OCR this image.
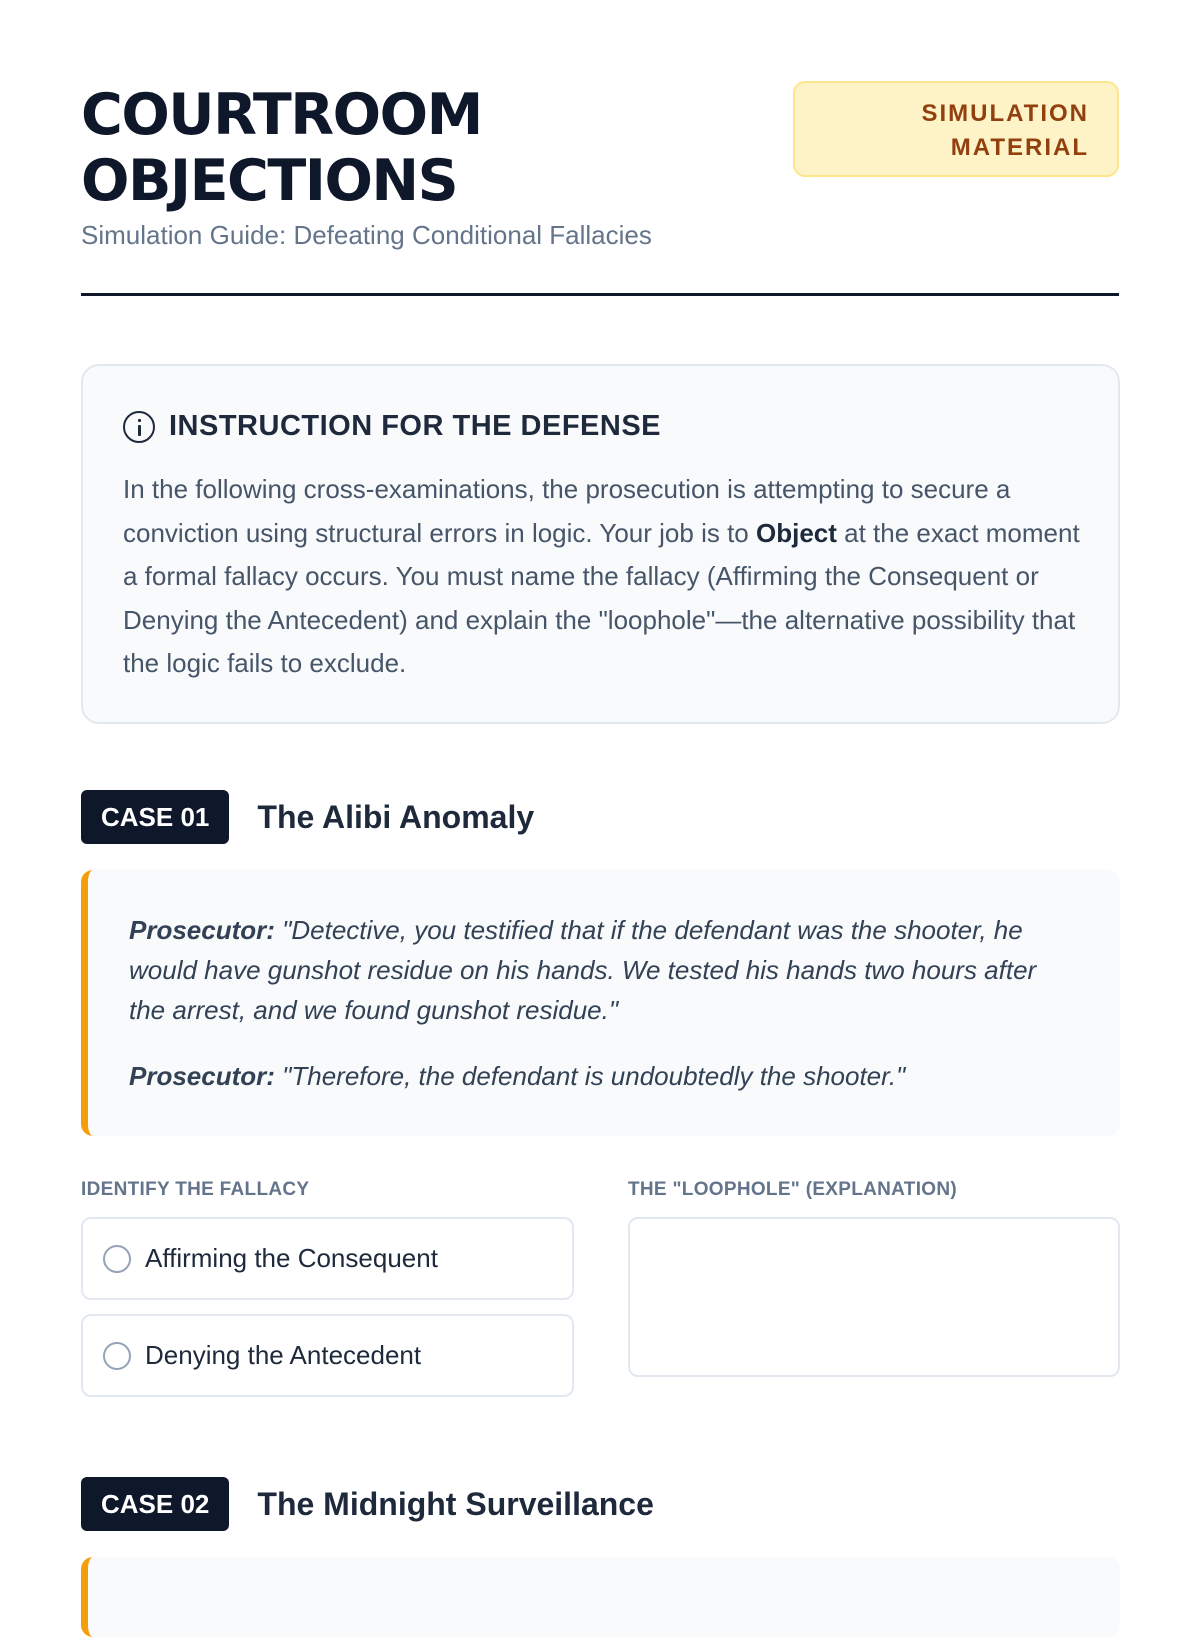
COURTROOM OBJECTIONS
Simulation Guide: Defeating Conditional Fallacies
SIMULATION MATERIAL
INSTRUCTION FOR THE DEFENSE

In the following cross-examinations, the prosecution is attempting to secure a conviction using structural errors in logic. Your job is to Object at the exact moment a formal fallacy occurs. You must name the fallacy (Affirming the Consequent or Denying the Antecedent) and explain the "loophole"—the alternative possibility that the logic fails to exclude.

CASE 01	The Alibi Anomaly

Prosecutor: "Detective, you testified that if the defendant was the shooter, he would have gunshot residue on his hands. We tested his hands two hours after the arrest, and we found gunshot residue."

Prosecutor: "Therefore, the defendant is undoubtedly the shooter."

IDENTIFY THE FALLACY	THE "LOOPHOLE" (EXPLANATION)
Affirming the Consequent
Denying the Antecedent
CASE 02	The Midnight Surveillance
